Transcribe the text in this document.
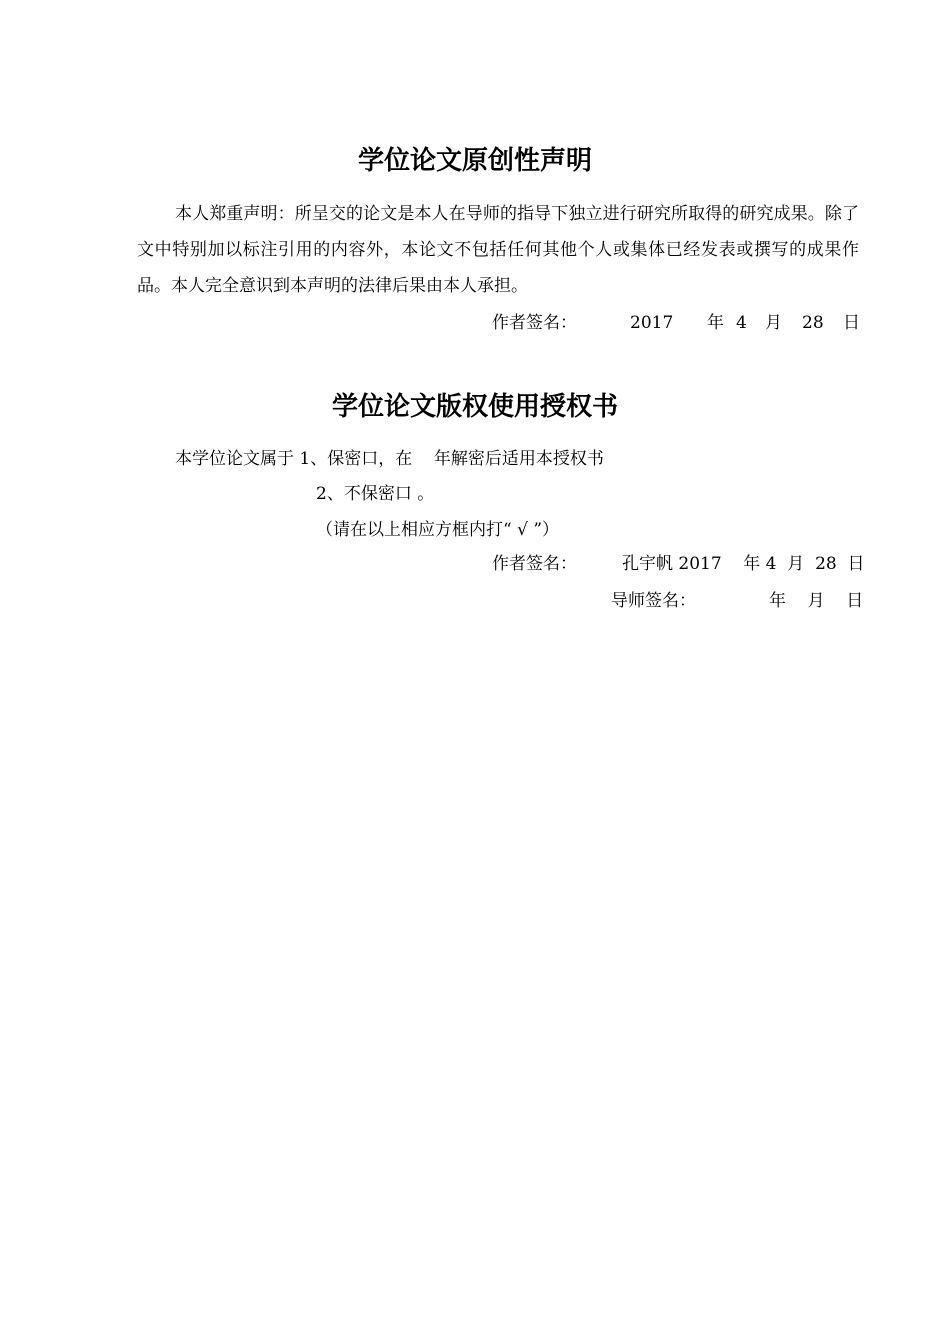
学位论文原创性声明
本人郑重声明：所呈交的论文是本人在导师的指导下独立进行研究所取得的研究成果。除了文中特别加以标注引用的内容外，本论文不包括任何其他个人或集体已经发表或撰写的成果作品。本人完全意识到本声明的法律后果由本人承担。
作者签名：	2017 年 4 月 28 日
学位论文版权使用授权书
本学位论文属于 1、保密口，在    年解密后适用本授权书
2、不保密口 。
（请在以上相应方框内打“ √ ”）
作者签名：	孔宇帆 2017    年 4  月  28  日
导师签名：	年    月    日
